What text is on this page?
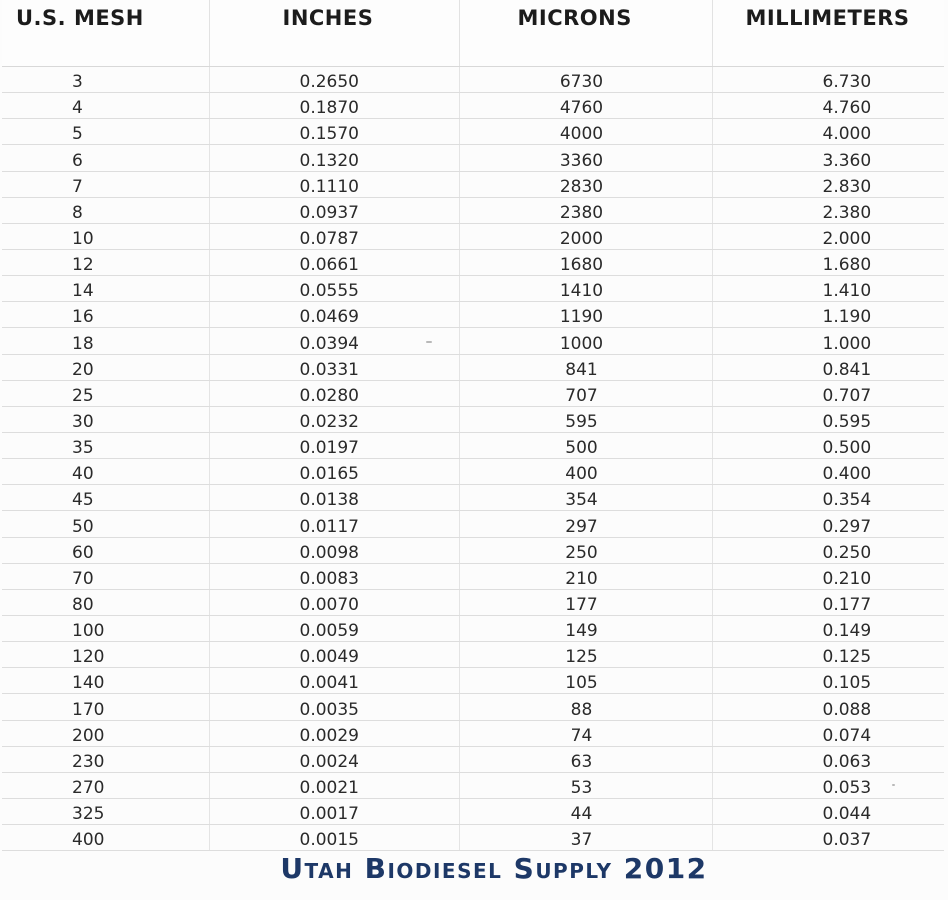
U.S. MESH	INCHES	MICRONS	MILLIMETERS

3	0.2650	6730	6.730
4	0.1870	4760	4.760
5	0.1570	4000	4.000
6	0.1320	3360	3.360
7	0.1110	2830	2.830
8	0.0937	2380	2.380
10	0.0787	2000	2.000
12	0.0661	1680	1.680
14	0.0555	1410	1.410
16	0.0469	1190	1.190
18	0.0394	1000	1.000
20	0.0331	841	0.841
25	0.0280	707	0.707
30	0.0232	595	0.595
35	0.0197	500	0.500
40	0.0165	400	0.400
45	0.0138	354	0.354
50	0.0117	297	0.297
60	0.0098	250	0.250
70	0.0083	210	0.210
80	0.0070	177	0.177
100	0.0059	149	0.149
120	0.0049	125	0.125
140	0.0041	105	0.105
170	0.0035	88	0.088
200	0.0029	74	0.074
230	0.0024	63	0.063
270	0.0021	53	0.053
325	0.0017	44	0.044
400	0.0015	37	0.037
Utah Biodiesel Supply 2012
